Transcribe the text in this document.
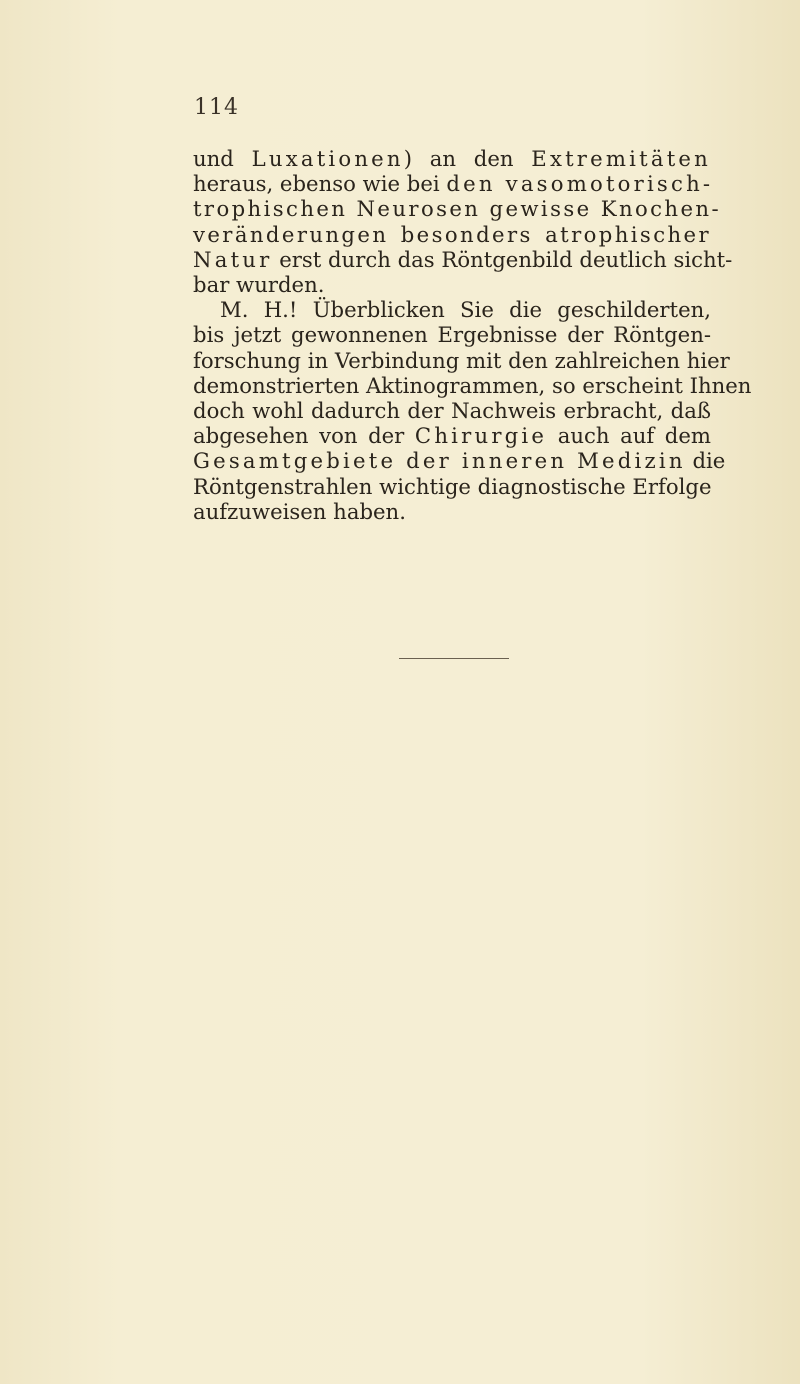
114
und Luxationen) an den Extremitäten
heraus, ebenso wie bei den vasomotorisch-
trophischen Neurosen gewisse Knochen-
veränderungen besonders atrophischer
Natur erst durch das Röntgenbild deutlich sicht-
bar wurden.
M. H.! Überblicken Sie die geschilderten,
bis jetzt gewonnenen Ergebnisse der Röntgen-
forschung in Verbindung mit den zahlreichen hier
demonstrierten Aktinogrammen, so erscheint Ihnen
doch wohl dadurch der Nachweis erbracht, daß
abgesehen von der Chirurgie auch auf dem
Gesamtgebiete der inneren Medizin die
Röntgenstrahlen wichtige diagnostische Erfolge
aufzuweisen haben.
